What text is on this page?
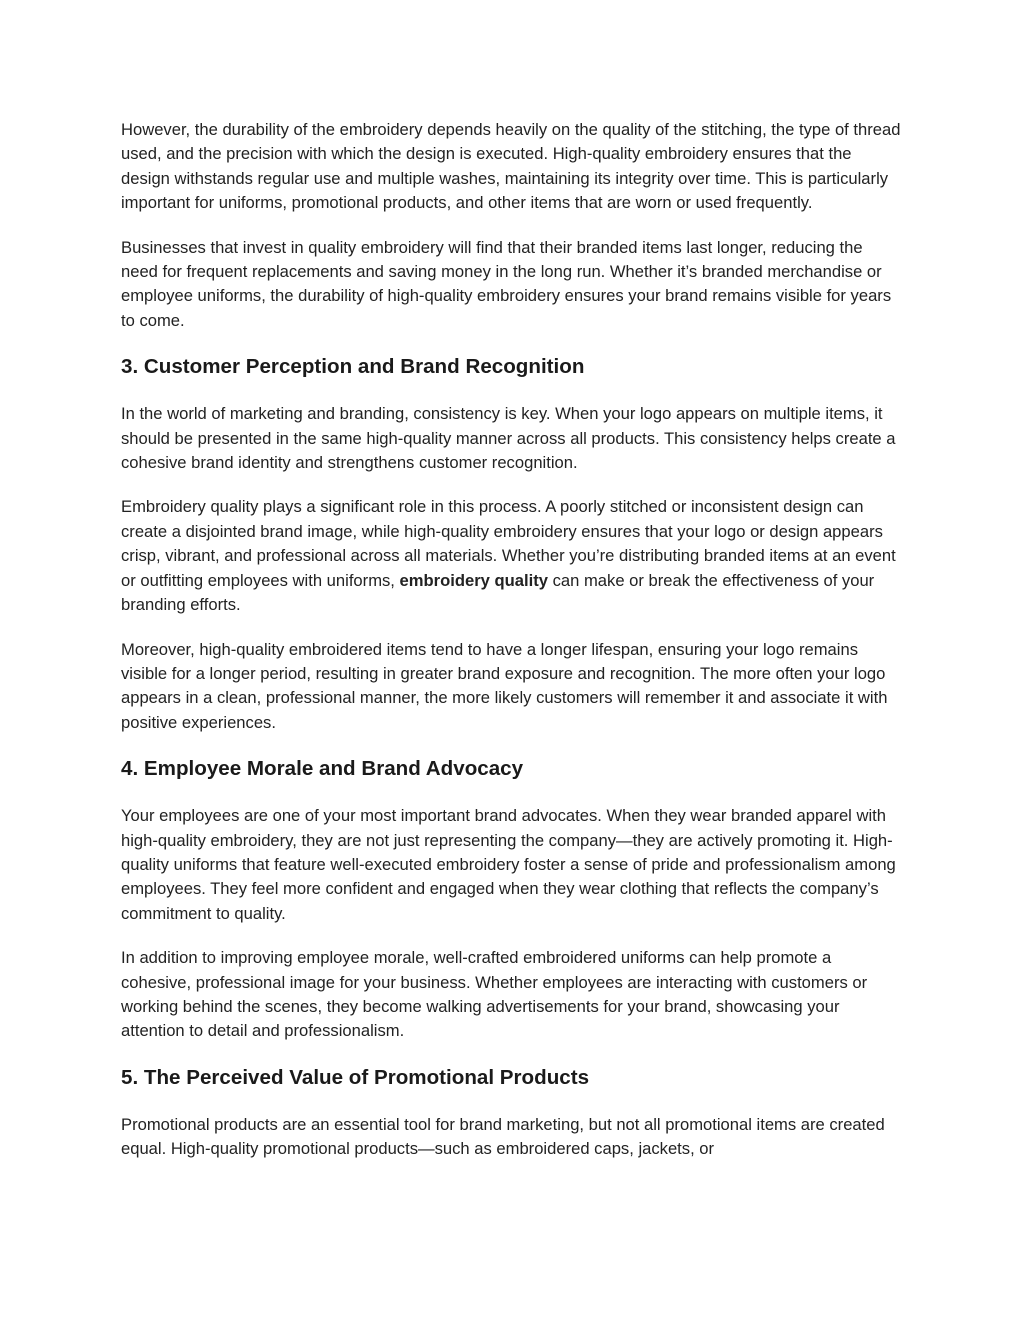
However, the durability of the embroidery depends heavily on the quality of the stitching, the type of thread used, and the precision with which the design is executed. High-quality embroidery ensures that the design withstands regular use and multiple washes, maintaining its integrity over time. This is particularly important for uniforms, promotional products, and other items that are worn or used frequently.

Businesses that invest in quality embroidery will find that their branded items last longer, reducing the need for frequent replacements and saving money in the long run. Whether it’s branded merchandise or employee uniforms, the durability of high-quality embroidery ensures your brand remains visible for years to come.

3. Customer Perception and Brand Recognition

In the world of marketing and branding, consistency is key. When your logo appears on multiple items, it should be presented in the same high-quality manner across all products. This consistency helps create a cohesive brand identity and strengthens customer recognition.

Embroidery quality plays a significant role in this process. A poorly stitched or inconsistent design can create a disjointed brand image, while high-quality embroidery ensures that your logo or design appears crisp, vibrant, and professional across all materials. Whether you’re distributing branded items at an event or outfitting employees with uniforms, embroidery quality can make or break the effectiveness of your branding efforts.

Moreover, high-quality embroidered items tend to have a longer lifespan, ensuring your logo remains visible for a longer period, resulting in greater brand exposure and recognition. The more often your logo appears in a clean, professional manner, the more likely customers will remember it and associate it with positive experiences.

4. Employee Morale and Brand Advocacy

Your employees are one of your most important brand advocates. When they wear branded apparel with high-quality embroidery, they are not just representing the company—they are actively promoting it. High-quality uniforms that feature well-executed embroidery foster a sense of pride and professionalism among employees. They feel more confident and engaged when they wear clothing that reflects the company’s commitment to quality.

In addition to improving employee morale, well-crafted embroidered uniforms can help promote a cohesive, professional image for your business. Whether employees are interacting with customers or working behind the scenes, they become walking advertisements for your brand, showcasing your attention to detail and professionalism.

5. The Perceived Value of Promotional Products

Promotional products are an essential tool for brand marketing, but not all promotional items are created equal. High-quality promotional products—such as embroidered caps, jackets, or
